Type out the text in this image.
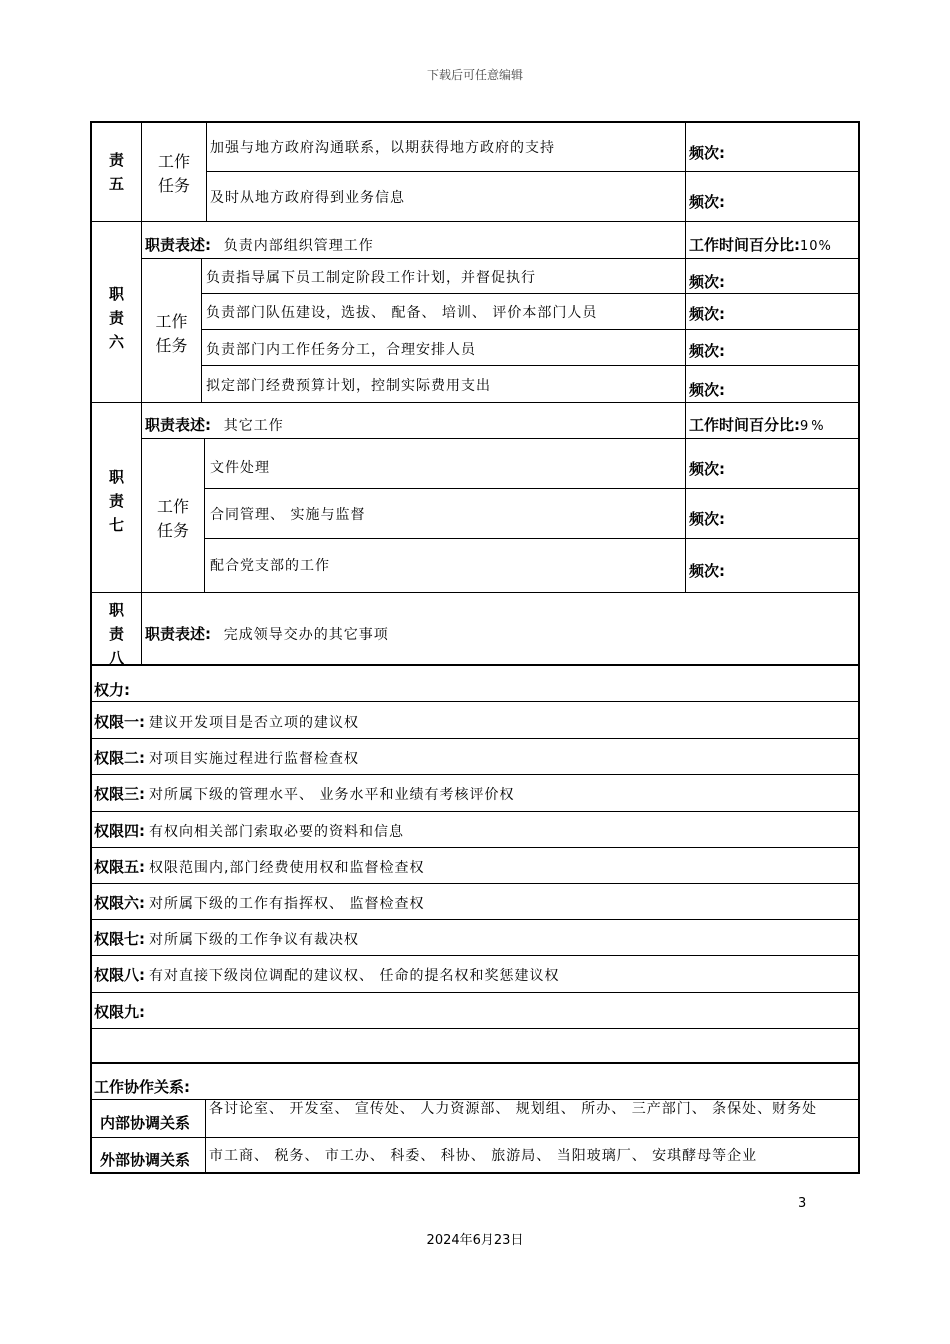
下载后可任意编辑
责
五
工作
任务
加强与地方政府沟通联系，以期获得地方政府的支持	频次:
及时从地方政府得到业务信息	频次:
职
责
六
职责表述: 负责内部组织管理工作	工作时间百分比:10%
工作
任务
负责指导属下员工制定阶段工作计划，并督促执行	频次:
负责部门队伍建设，选拔、 配备、 培训、 评价本部门人员	频次:
负责部门内工作任务分工，合理安排人员	频次:
拟定部门经费预算计划，控制实际费用支出	频次:
职
责
七
职责表述: 其它工作	工作时间百分比:9%
工作
任务
文件处理	频次:
合同管理、 实施与监督	频次:
配合党支部的工作	频次:
职
责
八
职责表述: 完成领导交办的其它事项
权力:
权限一: 建议开发项目是否立项的建议权
权限二: 对项目实施过程进行监督检查权
权限三: 对所属下级的管理水平、 业务水平和业绩有考核评价权
权限四: 有权向相关部门索取必要的资料和信息
权限五: 权限范围内,部门经费使用权和监督检查权
权限六: 对所属下级的工作有指挥权、 监督检查权
权限七: 对所属下级的工作争议有裁决权
权限八: 有对直接下级岗位调配的建议权、 任命的提名权和奖惩建议权
权限九:
工作协作关系:
内部协调关系
各讨论室、 开发室、 宣传处、 人力资源部、 规划组、 所办、 三产部门、 条保处、财务处
外部协调关系 市工商、 税务、 市工办、 科委、 科协、 旅游局、 当阳玻璃厂、 安琪酵母等企业
3
2024年6月23日
